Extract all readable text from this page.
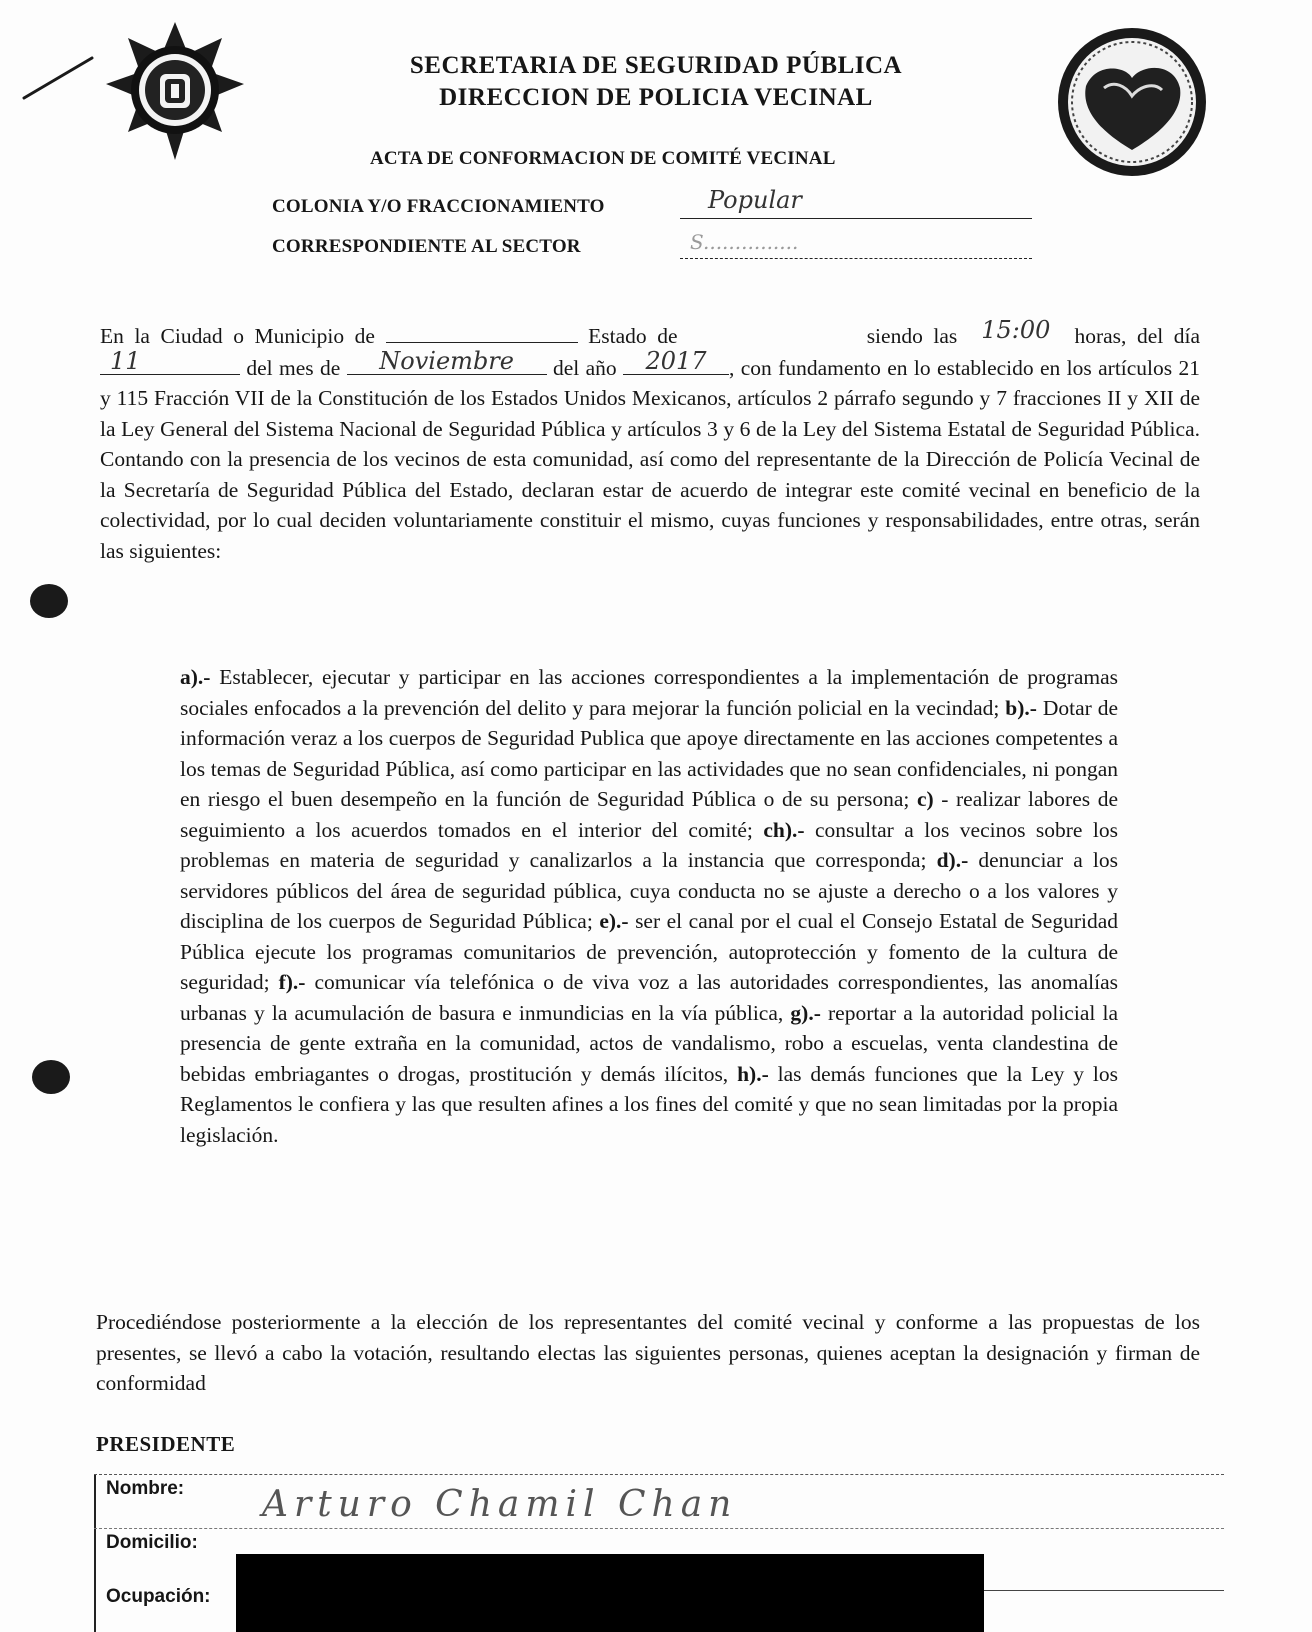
SECRETARIA DE SEGURIDAD PÚBLICA
DIRECCION DE POLICIA VECINAL
ACTA DE CONFORMACION DE COMITÉ VECINAL
COLONIA Y/O FRACCIONAMIENTO	Popular
CORRESPONDIENTE AL SECTOR	S...............
En la Ciudad o Municipio de	Estado de	siendo las 15:00	horas, del día
11	del mes de	Noviembre	del año	2017	, con fundamento en lo establecido en los artículos 21 y 115 Fracción VII de la Constitución de los Estados Unidos Mexicanos, artículos 2 párrafo segundo y 7 fracciones II y XII de la Ley General del Sistema Nacional de Seguridad Pública y artículos 3 y 6 de la Ley del Sistema Estatal de Seguridad Pública. Contando con la presencia de los vecinos de esta comunidad, así como del representante de la Dirección de Policía Vecinal de la Secretaría de Seguridad Pública del Estado, declaran estar de acuerdo de integrar este comité vecinal en beneficio de la colectividad, por lo cual deciden voluntariamente constituir el mismo, cuyas funciones y responsabilidades, entre otras, serán las siguientes:
a).- Establecer, ejecutar y participar en las acciones correspondientes a la implementación de programas sociales enfocados a la prevención del delito y para mejorar la función policial en la vecindad; b).- Dotar de información veraz a los cuerpos de Seguridad Publica que apoye directamente en las acciones competentes a los temas de Seguridad Pública, así como participar en las actividades que no sean confidenciales, ni pongan en riesgo el buen desempeño en la función de Seguridad Pública o de su persona; c) - realizar labores de seguimiento a los acuerdos tomados en el interior del comité; ch).- consultar a los vecinos sobre los problemas en materia de seguridad y canalizarlos a la instancia que corresponda; d).- denunciar a los servidores públicos del área de seguridad pública, cuya conducta no se ajuste a derecho o a los valores y disciplina de los cuerpos de Seguridad Pública; e).- ser el canal por el cual el Consejo Estatal de Seguridad Pública ejecute los programas comunitarios de prevención, autoprotección y fomento de la cultura de seguridad; f).- comunicar vía telefónica o de viva voz a las autoridades correspondientes, las anomalías urbanas y la acumulación de basura e inmundicias en la vía pública, g).- reportar a la autoridad policial la presencia de gente extraña en la comunidad, actos de vandalismo, robo a escuelas, venta clandestina de bebidas embriagantes o drogas, prostitución y demás ilícitos, h).- las demás funciones que la Ley y los Reglamentos le confiera y las que resulten afines a los fines del comité y que no sean limitadas por la propia legislación.
Procediéndose posteriormente a la elección de los representantes del comité vecinal y conforme a las propuestas de los presentes, se llevó a cabo la votación, resultando electas las siguientes personas, quienes aceptan la designación y firman de conformidad
PRESIDENTE
Nombre: Arturo Chamil Chan
Domicilio:
Ocupación:
